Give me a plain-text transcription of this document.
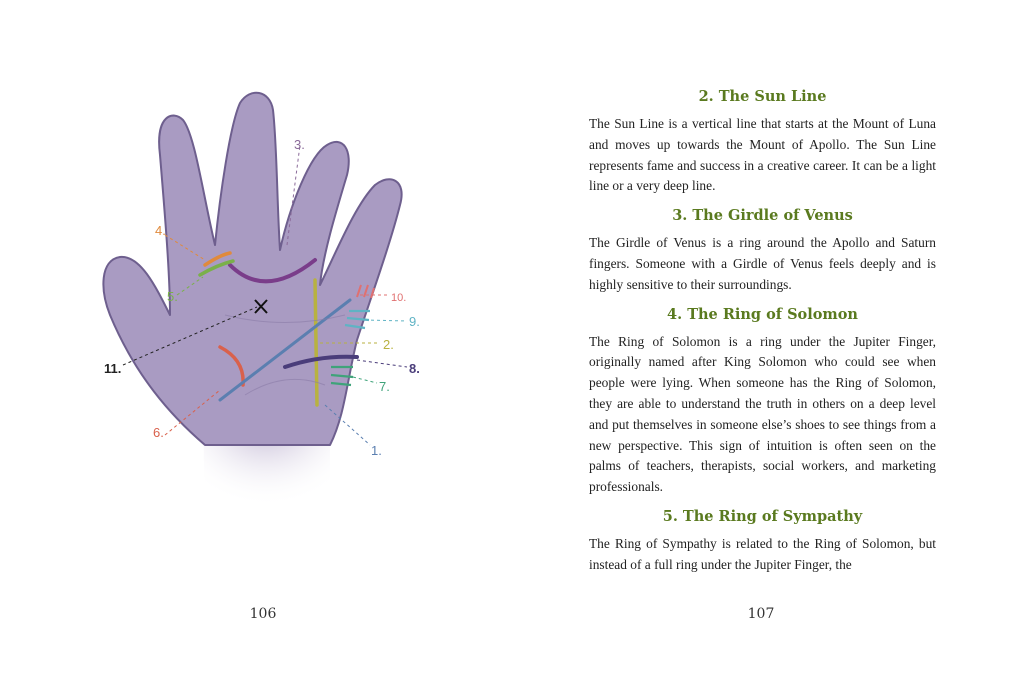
3.
4.
5.
11.
6.
10.
9.
2.
8.
7.
1.
106
2. The Sun Line

The Sun Line is a vertical line that starts at the Mount of Luna and moves up towards the Mount of Apollo. The Sun Line represents fame and success in a creative career. It can be a light line or a very deep line.

3. The Girdle of Venus

The Girdle of Venus is a ring around the Apollo and Saturn fingers. Someone with a Girdle of Venus feels deeply and is highly sensitive to their surroundings.

4. The Ring of Solomon

The Ring of Solomon is a ring under the Jupiter Finger, originally named after King Solomon who could see when people were lying. When someone has the Ring of Solomon, they are able to understand the truth in others on a deep level and put themselves in someone else’s shoes to see things from a new perspective. This sign of intuition is often seen on the palms of teachers, therapists, social workers, and marketing professionals.

5. The Ring of Sympathy

The Ring of Sympathy is related to the Ring of Solomon, but instead of a full ring under the Jupiter Finger, the

107
